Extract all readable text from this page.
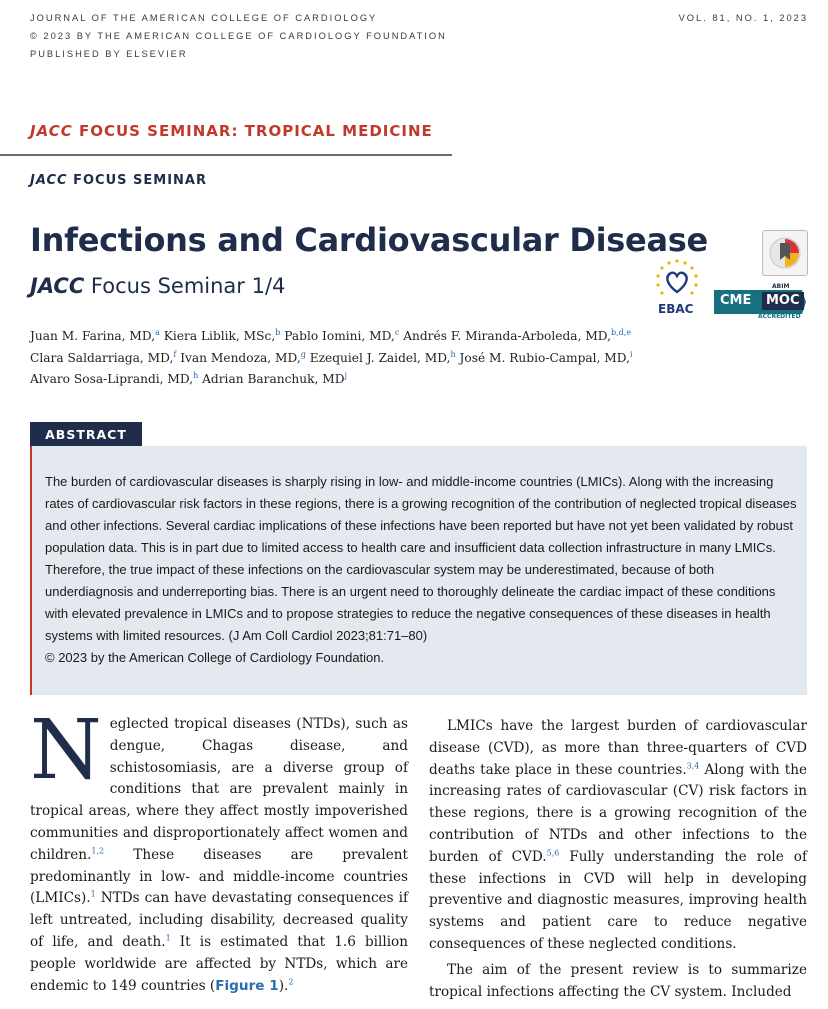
JOURNAL OF THE AMERICAN COLLEGE OF CARDIOLOGY	VOL. 81, NO. 1, 2023
© 2023 BY THE AMERICAN COLLEGE OF CARDIOLOGY FOUNDATION
PUBLISHED BY ELSEVIER
JACC FOCUS SEMINAR: TROPICAL MEDICINE
JACC FOCUS SEMINAR
Infections and Cardiovascular Disease
JACC Focus Seminar 1/4
EBAC
ABIM
CME MOC
ACCREDITED
Juan M. Farina, MD,$^a$ Kiera Liblik, MSc,$^b$ Pablo Iomini, MD,$^c$ Andrés F. Miranda-Arboleda, MD,$^{b,d,e}$
Clara Saldarriaga, MD,$^f$ Ivan Mendoza, MD,$^g$ Ezequiel J. Zaidel, MD,$^h$ José M. Rubio-Campal, MD,$^i$
Alvaro Sosa-Liprandi, MD,$^h$ Adrian Baranchuk, $MD^j$
ABSTRACT
The burden of cardiovascular diseases is sharply rising in low- and middle-income countries (LMICs). Along with the increasing rates of cardiovascular risk factors in these regions, there is a growing recognition of the contribution of neglected tropical diseases and other infections. Several cardiac implications of these infections have been reported but have not yet been validated by robust population data. This is in part due to limited access to health care and insufficient data collection infrastructure in many LMICs. Therefore, the true impact of these infections on the cardiovascular system may be underestimated, because of both underdiagnosis and underreporting bias. There is an urgent need to thoroughly delineate the cardiac impact of these conditions with elevated prevalence in LMICs and to propose strategies to reduce the negative consequences of these diseases in health systems with limited resources. (J Am Coll Cardiol 2023;81:71–80)
© 2023 by the American College of Cardiology Foundation.
Neglected tropical diseases (NTDs), such as dengue, Chagas disease, and schistosomiasis, are a diverse group of conditions that are prevalent mainly in tropical areas, where they affect mostly impoverished communities and disproportionately affect women and children.$^{1,2}$ These diseases are prevalent predominantly in low- and middle-income countries (LMICs).$^1$ NTDs can have devastating consequences if left untreated, including disability, decreased quality of life, and death.$^1$ It is estimated that 1.6 billion people worldwide are affected by NTDs, which are endemic to 149 countries (Figure 1).$^2$
LMICs have the largest burden of cardiovascular disease (CVD), as more than three-quarters of CVD deaths take place in these countries.$^{3,4}$ Along with the increasing rates of cardiovascular (CV) risk factors in these regions, there is a growing recognition of the contribution of NTDs and other infections to the burden of CVD.$^{5,6}$ Fully understanding the role of these infections in CVD will help in developing preventive and diagnostic measures, improving health systems and patient care to reduce negative consequences of these neglected conditions.
The aim of the present review is to summarize tropical infections affecting the CV system. Included
